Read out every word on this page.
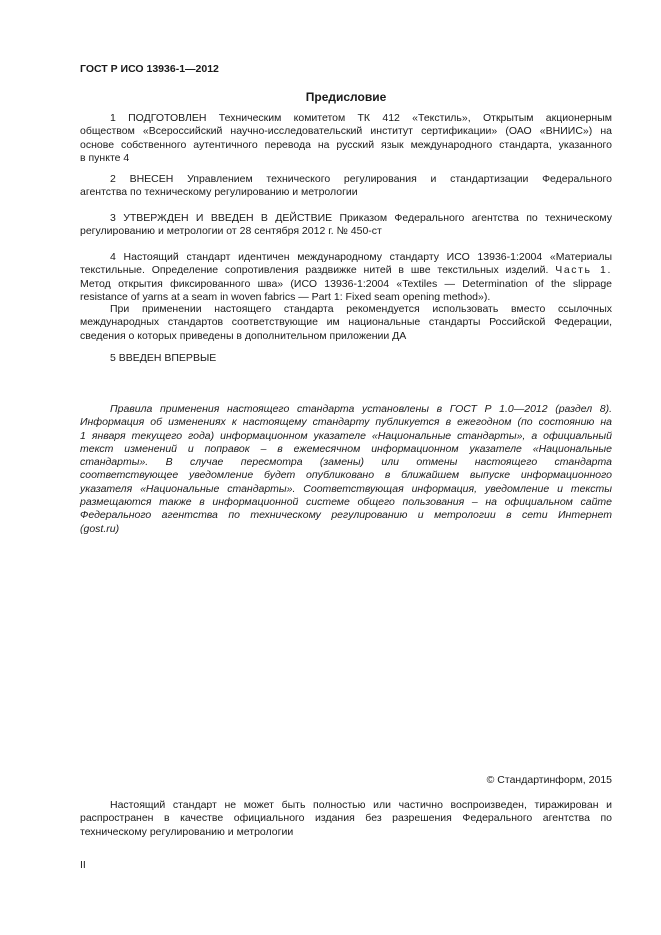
ГОСТ Р ИСО 13936-1—2012
Предисловие
1 ПОДГОТОВЛЕН Техническим комитетом ТК 412 «Текстиль», Открытым акционерным
обществом «Всероссийский научно-исследовательский институт сертификации» (ОАО «ВНИИС») на
основе собственного аутентичного перевода на русский язык международного стандарта, указанного
в пункте 4
2 ВНЕСЕН Управлением технического регулирования и стандартизации Федерального
агентства по техническому регулированию и метрологии
3 УТВЕРЖДЕН И ВВЕДЕН В ДЕЙСТВИЕ Приказом Федерального агентства по техническому
регулированию и метрологии от 28 сентября 2012 г. № 450-ст
4 Настоящий стандарт идентичен международному стандарту ИСО 13936-1:2004 «Материалы
текстильные. Определение сопротивления раздвижке нитей в шве текстильных изделий. Часть 1.
Метод открытия фиксированного шва» (ИСО 13936-1:2004 «Textiles — Determination of the slippage
resistance of yarns at a seam in woven fabrics — Part 1: Fixed seam opening method»).
При применении настоящего стандарта рекомендуется использовать вместо ссылочных
международных стандартов соответствующие им национальные стандарты Российской Федерации,
сведения о которых приведены в дополнительном приложении ДА
5 ВВЕДЕН ВПЕРВЫЕ
Правила применения настоящего стандарта установлены в ГОСТ Р 1.0—2012 (раздел 8).
Информация об изменениях к настоящему стандарту публикуется в ежегодном (по состоянию на
1 января текущего года) информационном указателе «Национальные стандарты», а официальный
текст изменений и поправок – в ежемесячном информационном указателе «Национальные
стандарты». В случае пересмотра (замены) или отмены настоящего стандарта
соответствующее уведомление будет опубликовано в ближайшем выпуске информационного
указателя «Национальные стандарты». Соответствующая информация, уведомление и тексты
размещаются также в информационной системе общего пользования – на официальном сайте
Федерального агентства по техническому регулированию и метрологии в сети Интернет
(gost.ru)
© Стандартинформ, 2015
Настоящий стандарт не может быть полностью или частично воспроизведен, тиражирован и
распространен в качестве официального издания без разрешения Федерального агентства по
техническому регулированию и метрологии
II
